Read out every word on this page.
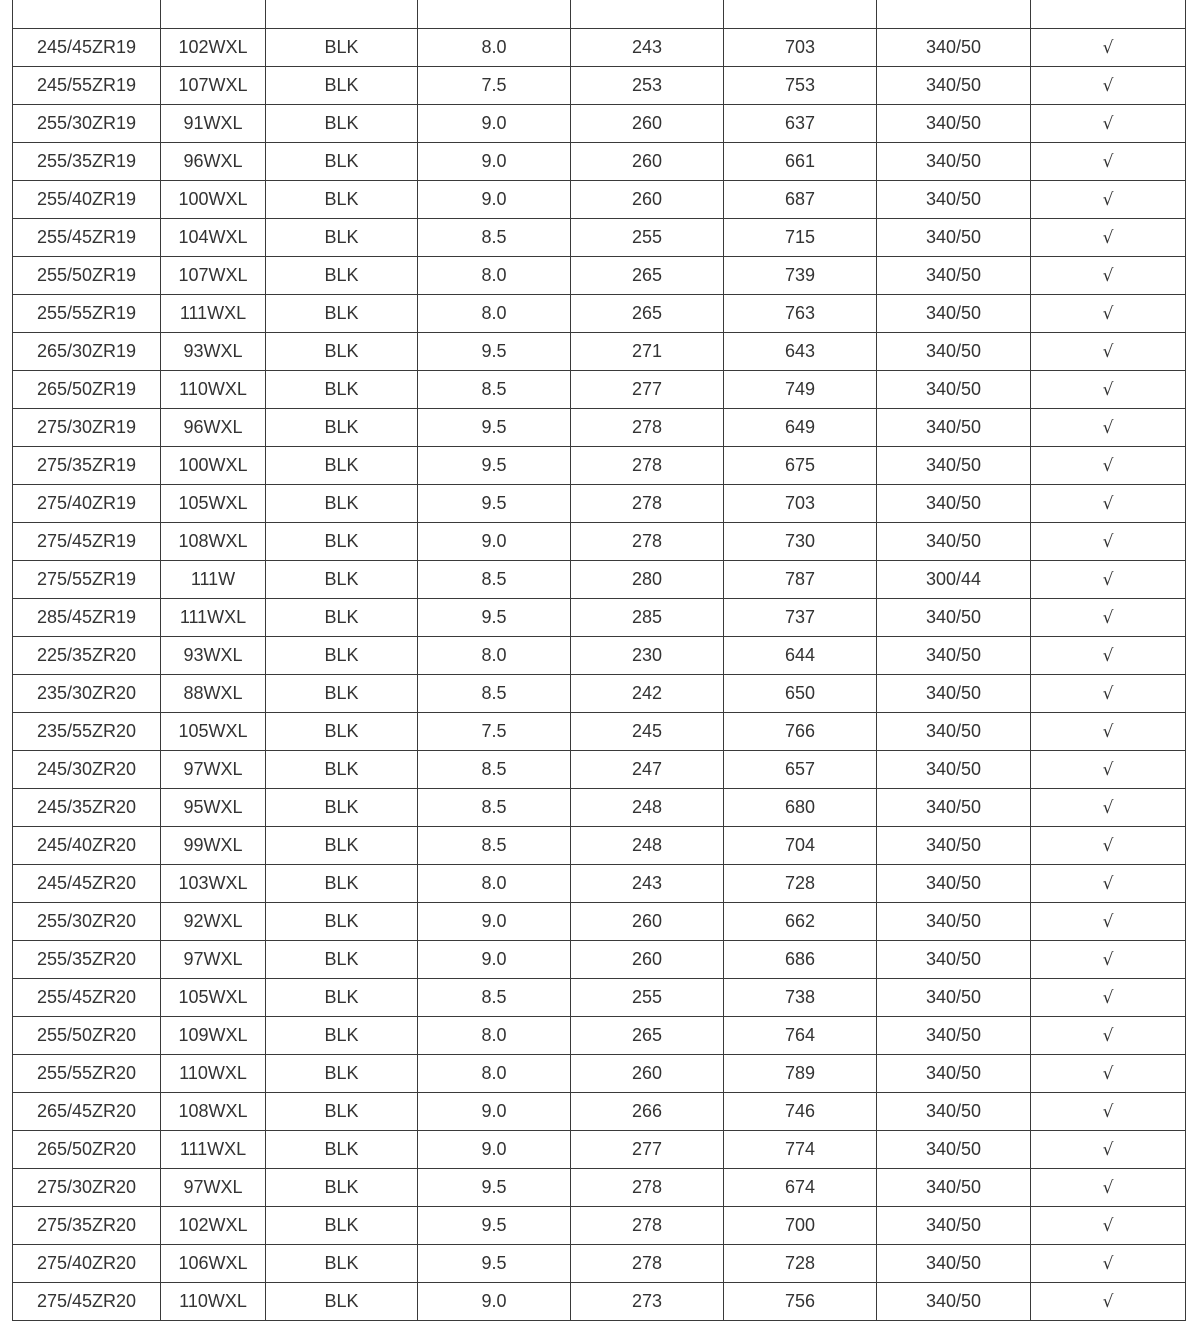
245/45ZR19	102WXL	BLK	8.0	243	703	340/50	√
245/55ZR19	107WXL	BLK	7.5	253	753	340/50	√
255/30ZR19	91WXL	BLK	9.0	260	637	340/50	√
255/35ZR19	96WXL	BLK	9.0	260	661	340/50	√
255/40ZR19	100WXL	BLK	9.0	260	687	340/50	√
255/45ZR19	104WXL	BLK	8.5	255	715	340/50	√
255/50ZR19	107WXL	BLK	8.0	265	739	340/50	√
255/55ZR19	111WXL	BLK	8.0	265	763	340/50	√
265/30ZR19	93WXL	BLK	9.5	271	643	340/50	√
265/50ZR19	110WXL	BLK	8.5	277	749	340/50	√
275/30ZR19	96WXL	BLK	9.5	278	649	340/50	√
275/35ZR19	100WXL	BLK	9.5	278	675	340/50	√
275/40ZR19	105WXL	BLK	9.5	278	703	340/50	√
275/45ZR19	108WXL	BLK	9.0	278	730	340/50	√
275/55ZR19	111W	BLK	8.5	280	787	300/44	√
285/45ZR19	111WXL	BLK	9.5	285	737	340/50	√
225/35ZR20	93WXL	BLK	8.0	230	644	340/50	√
235/30ZR20	88WXL	BLK	8.5	242	650	340/50	√
235/55ZR20	105WXL	BLK	7.5	245	766	340/50	√
245/30ZR20	97WXL	BLK	8.5	247	657	340/50	√
245/35ZR20	95WXL	BLK	8.5	248	680	340/50	√
245/40ZR20	99WXL	BLK	8.5	248	704	340/50	√
245/45ZR20	103WXL	BLK	8.0	243	728	340/50	√
255/30ZR20	92WXL	BLK	9.0	260	662	340/50	√
255/35ZR20	97WXL	BLK	9.0	260	686	340/50	√
255/45ZR20	105WXL	BLK	8.5	255	738	340/50	√
255/50ZR20	109WXL	BLK	8.0	265	764	340/50	√
255/55ZR20	110WXL	BLK	8.0	260	789	340/50	√
265/45ZR20	108WXL	BLK	9.0	266	746	340/50	√
265/50ZR20	111WXL	BLK	9.0	277	774	340/50	√
275/30ZR20	97WXL	BLK	9.5	278	674	340/50	√
275/35ZR20	102WXL	BLK	9.5	278	700	340/50	√
275/40ZR20	106WXL	BLK	9.5	278	728	340/50	√
275/45ZR20	110WXL	BLK	9.0	273	756	340/50	√
